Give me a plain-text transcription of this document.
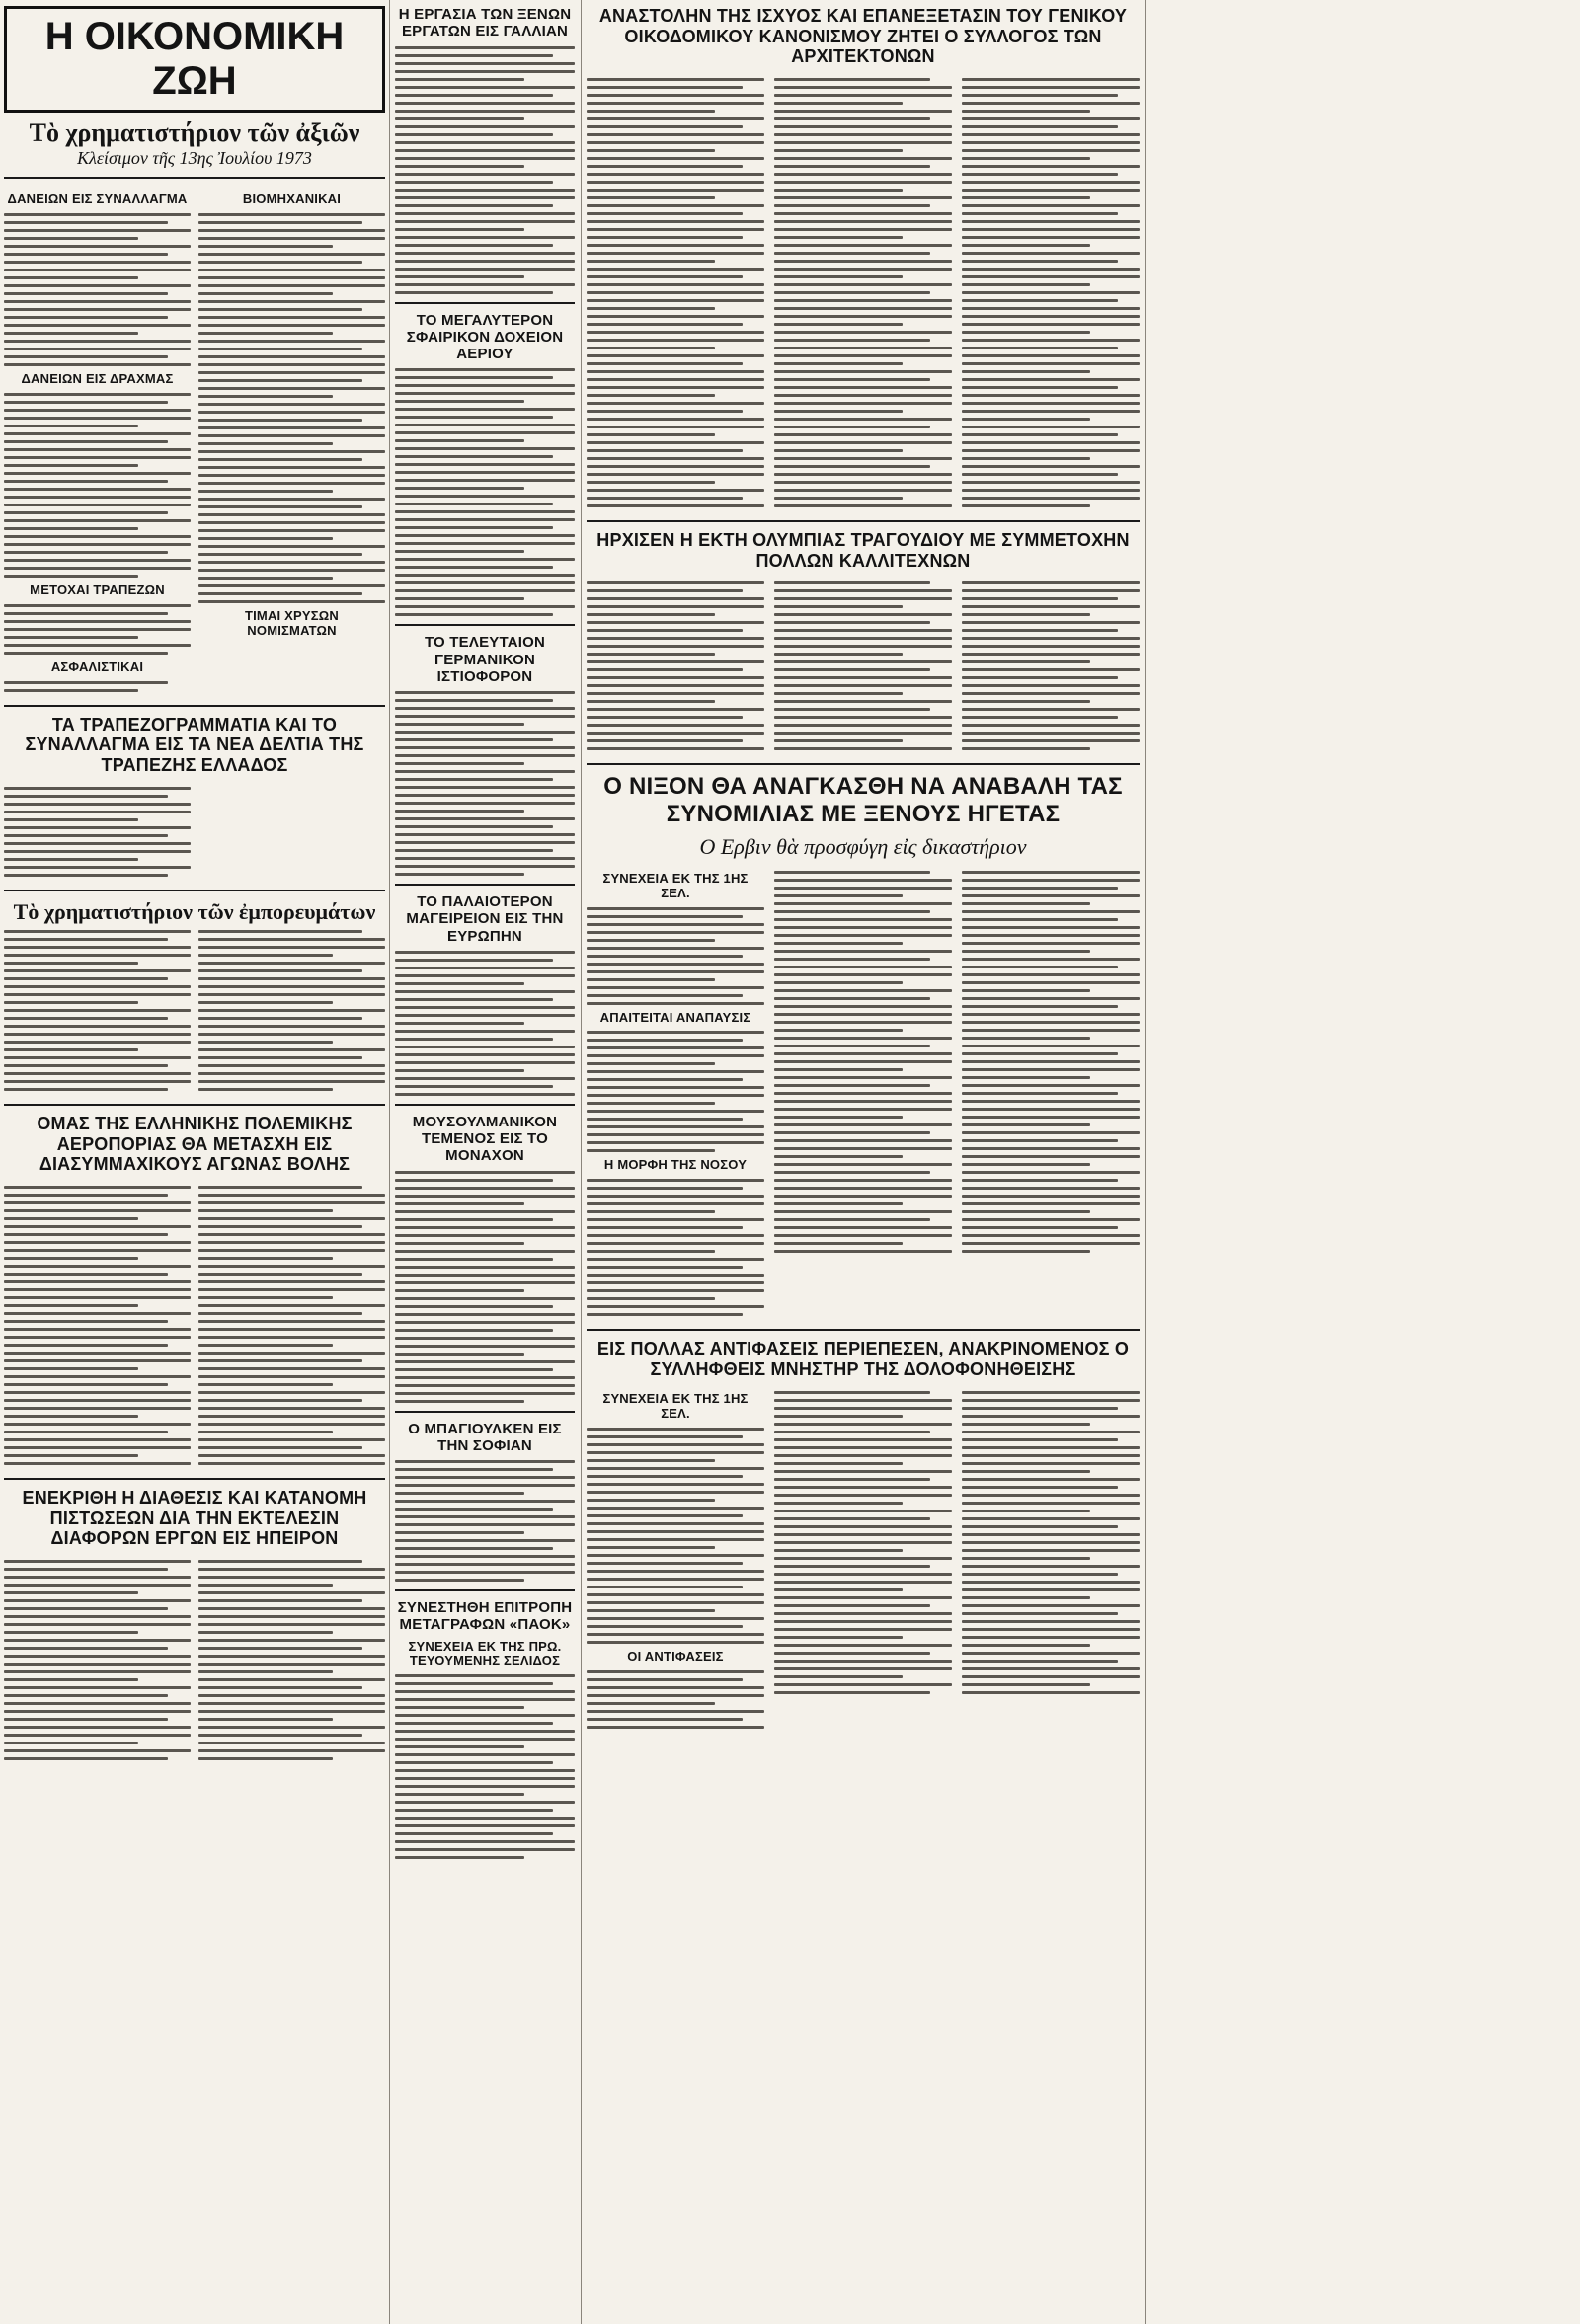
Η ΟΙΚΟΝΟΜΙΚΗ ΖΩΗ
Τὸ χρηματιστήριον τῶν ἀξιῶν
Κλείσιμον τῆς 13ης Ἰουλίου 1973
ΔΑΝΕΙΩΝ ΕΙΣ ΣΥΝΑΛΛΑΓΜΑ
ΔΑΝΕΙΩΝ ΕΙΣ ΔΡΑΧΜΑΣ
ΜΕΤΟΧΑΙ ΤΡΑΠΕΖΩΝ
ΑΣΦΑΛΙΣΤΙΚΑΙ
ΒΙΟΜΗΧΑΝΙΚΑΙ
ΤΙΜΑΙ ΧΡΥΣΩΝ ΝΟΜΙΣΜΑΤΩΝ
ΤΑ ΤΡΑΠΕΖΟΓΡΑΜΜΑΤΙΑ ΚΑΙ ΤΟ ΣΥΝΑΛΛΑΓΜΑ ΕΙΣ ΤΑ ΝΕΑ ΔΕΛΤΙΑ ΤΗΣ ΤΡΑΠΕΖΗΣ ΕΛΛΑΔΟΣ
Τὸ χρηματιστήριον τῶν ἐμπορευμάτων
ΟΜΑΣ ΤΗΣ ΕΛΛΗΝΙΚΗΣ ΠΟΛΕΜΙΚΗΣ ΑΕΡΟΠΟΡΙΑΣ ΘΑ ΜΕΤΑΣΧΗ ΕΙΣ ΔΙΑΣΥΜΜΑΧΙΚΟΥΣ ΑΓΩΝΑΣ ΒΟΛΗΣ
ΕΝΕΚΡΙΘΗ Η ΔΙΑΘΕΣΙΣ ΚΑΙ ΚΑΤΑΝΟΜΗ ΠΙΣΤΩΣΕΩΝ ΔΙΑ ΤΗΝ ΕΚΤΕΛΕΣΙΝ ΔΙΑΦΟΡΩΝ ΕΡΓΩΝ ΕΙΣ ΗΠΕΙΡΟΝ
Η ΕΡΓΑΣΙΑ ΤΩΝ ΞΕΝΩΝ ΕΡΓΑΤΩΝ ΕΙΣ ΓΑΛΛΙΑΝ
ΤΟ ΜΕΓΑΛΥΤΕΡΟΝ ΣΦΑΙΡΙΚΟΝ ΔΟΧΕΙΟΝ ΑΕΡΙΟΥ
ΤΟ ΤΕΛΕΥΤΑΙΟΝ ΓΕΡΜΑΝΙΚΟΝ ΙΣΤΙΟΦΟΡΟΝ
ΤΟ ΠΑΛΑΙΟΤΕΡΟΝ ΜΑΓΕΙΡΕΙΟΝ ΕΙΣ ΤΗΝ ΕΥΡΩΠΗΝ
ΜΟΥΣΟΥΛΜΑΝΙΚΟΝ ΤΕΜΕΝΟΣ ΕΙΣ ΤΟ ΜΟΝΑΧΟΝ
Ο ΜΠΑΓΙΟΥΛΚΕΝ ΕΙΣ ΤΗΝ ΣΟΦΙΑΝ
ΣΥΝΕΣΤΗΘΗ ΕΠΙΤΡΟΠΗ ΜΕΤΑΓΡΑΦΩΝ «ΠΑΟΚ»
ΣΥΝΕΧΕΙΑ ΕΚ ΤΗΣ ΠΡΩ. ΤΕΥΟΥΜΕΝΗΣ ΣΕΛΙΔΟΣ
ΑΝΑΣΤΟΛΗΝ ΤΗΣ ΙΣΧΥΟΣ ΚΑΙ ΕΠΑΝΕΞΕΤΑΣΙΝ ΤΟΥ ΓΕΝΙΚΟΥ ΟΙΚΟΔΟΜΙΚΟΥ ΚΑΝΟΝΙΣΜΟΥ ΖΗΤΕΙ Ο ΣΥΛΛΟΓΟΣ ΤΩΝ ΑΡΧΙΤΕΚΤΟΝΩΝ
ΗΡΧΙΣΕΝ Η ΕΚΤΗ ΟΛΥΜΠΙΑΣ ΤΡΑΓΟΥΔΙΟΥ ΜΕ ΣΥΜΜΕΤΟΧΗΝ ΠΟΛΛΩΝ ΚΑΛΛΙΤΕΧΝΩΝ
Ο ΝΙΞΟΝ ΘΑ ΑΝΑΓΚΑΣΘΗ ΝΑ ΑΝΑΒΑΛΗ ΤΑΣ ΣΥΝΟΜΙΛΙΑΣ ΜΕ ΞΕΝΟΥΣ ΗΓΕΤΑΣ
Ο Ερβιν θὰ προσφύγη εἰς δικαστήριον
ΣΥΝΕΧΕΙΑ ΕΚ ΤΗΣ 1ΗΣ ΣΕΛ.
ΑΠΑΙΤΕΙΤΑΙ ΑΝΑΠΑΥΣΙΣ
Η ΜΟΡΦΗ ΤΗΣ ΝΟΣΟΥ
ΕΙΣ ΠΟΛΛΑΣ ΑΝΤΙΦΑΣΕΙΣ ΠΕΡΙΕΠΕΣΕΝ, ΑΝΑΚΡΙΝΟΜΕΝΟΣ Ο ΣΥΛΛΗΦΘΕΙΣ ΜΝΗΣΤΗΡ ΤΗΣ ΔΟΛΟΦΟΝΗΘΕΙΣΗΣ
ΣΥΝΕΧΕΙΑ ΕΚ ΤΗΣ 1ΗΣ ΣΕΛ.
ΟΙ ΑΝΤΙΦΑΣΕΙΣ
